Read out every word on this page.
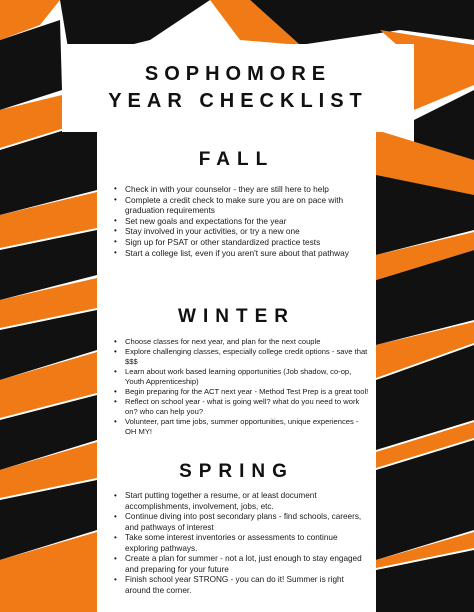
SOPHOMORE
YEAR CHECKLIST
FALL
• Check in with your counselor - they are still here to help
• Complete a credit check to make sure you are on pace with graduation requirements
• Set new goals and expectations for the year
• Stay involved in your activities, or try a new one
• Sign up for PSAT or other standardized practice tests
• Start a college list, even if you aren't sure about that pathway
WINTER
• Choose classes for next year, and plan for the next couple
• Explore challenging classes, especially college credit options - save that $$$
• Learn about work based learning opportunities (Job shadow, co-op, Youth Apprenticeship)
• Begin preparing for the ACT next year - Method Test Prep is a great tool!
• Reflect on school year - what is going well? what do you need to work on? who can help you?
• Volunteer, part time jobs, summer opportunities, unique experiences - OH MY!
SPRING
• Start putting together a resume, or at least document accomplishments, involvement, jobs, etc.
• Continue diving into post secondary plans - find schools, careers, and pathways of interest
• Take some interest inventories or assessments to continue exploring pathways.
• Create a plan for summer - not a lot, just enough to stay engaged and preparing for your future
• Finish school year STRONG - you can do it! Summer is right around the corner.
